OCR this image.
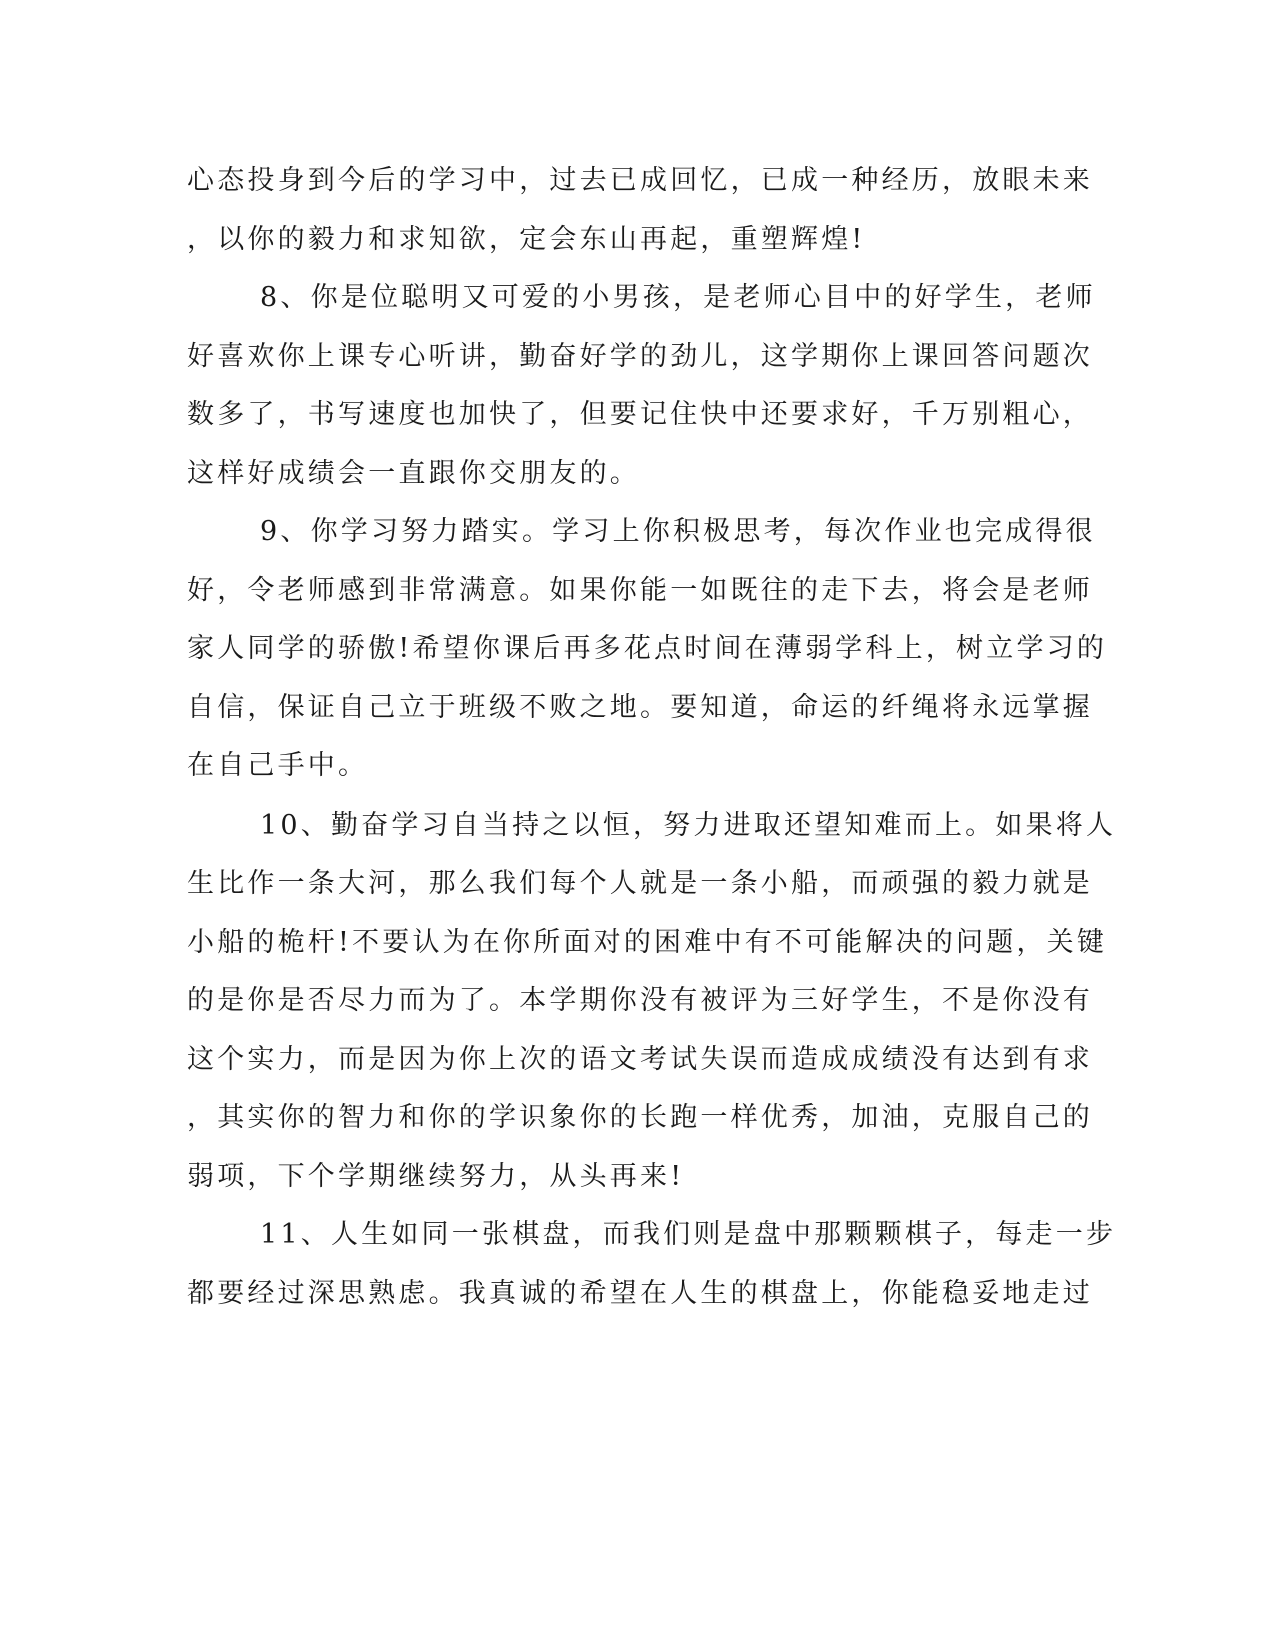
心态投身到今后的学习中，过去已成回忆，已成一种经历，放眼未来
，以你的毅力和求知欲，定会东山再起，重塑辉煌!
8、你是位聪明又可爱的小男孩，是老师心目中的好学生，老师
好喜欢你上课专心听讲，勤奋好学的劲儿，这学期你上课回答问题次
数多了，书写速度也加快了，但要记住快中还要求好，千万别粗心，
这样好成绩会一直跟你交朋友的。
9、你学习努力踏实。学习上你积极思考，每次作业也完成得很
好，令老师感到非常满意。如果你能一如既往的走下去，将会是老师
家人同学的骄傲!希望你课后再多花点时间在薄弱学科上，树立学习的
自信，保证自己立于班级不败之地。要知道，命运的纤绳将永远掌握
在自己手中。
10、勤奋学习自当持之以恒，努力进取还望知难而上。如果将人
生比作一条大河，那么我们每个人就是一条小船，而顽强的毅力就是
小船的桅杆!不要认为在你所面对的困难中有不可能解决的问题，关键
的是你是否尽力而为了。本学期你没有被评为三好学生，不是你没有
这个实力，而是因为你上次的语文考试失误而造成成绩没有达到有求
，其实你的智力和你的学识象你的长跑一样优秀，加油，克服自己的
弱项，下个学期继续努力，从头再来!
11、人生如同一张棋盘，而我们则是盘中那颗颗棋子，每走一步
都要经过深思熟虑。我真诚的希望在人生的棋盘上，你能稳妥地走过
